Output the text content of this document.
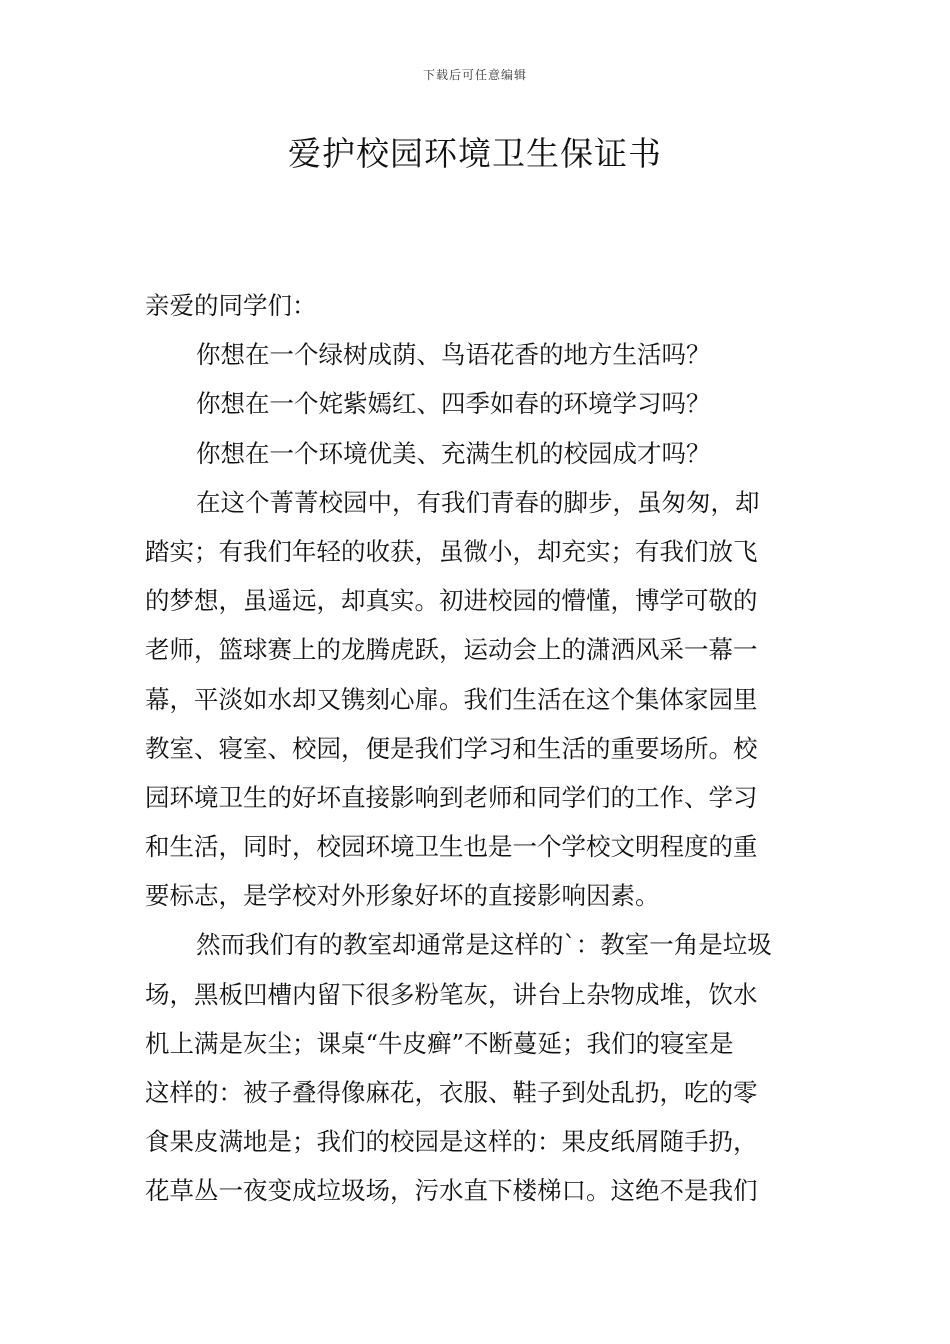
下载后可任意编辑
爱护校园环境卫生保证书
亲爱的同学们：
你想在一个绿树成荫、鸟语花香的地方生活吗？
你想在一个姹紫嫣红、四季如春的环境学习吗？
你想在一个环境优美、充满生机的校园成才吗？
在这个菁菁校园中，有我们青春的脚步，虽匆匆，却
踏实；有我们年轻的收获，虽微小，却充实；有我们放飞
的梦想，虽遥远，却真实。初进校园的懵懂，博学可敬的
老师，篮球赛上的龙腾虎跃，运动会上的潇洒风采一幕一
幕，平淡如水却又镌刻心扉。我们生活在这个集体家园里
教室、寝室、校园，便是我们学习和生活的重要场所。校
园环境卫生的好坏直接影响到老师和同学们的工作、学习
和生活，同时，校园环境卫生也是一个学校文明程度的重
要标志，是学校对外形象好坏的直接影响因素。
然而我们有的教室却通常是这样的`：教室一角是垃圾
场，黑板凹槽内留下很多粉笔灰，讲台上杂物成堆，饮水
机上满是灰尘；课桌“牛皮癣”不断蔓延；我们的寝室是
这样的：被子叠得像麻花，衣服、鞋子到处乱扔，吃的零
食果皮满地是；我们的校园是这样的：果皮纸屑随手扔，
花草丛一夜变成垃圾场，污水直下楼梯口。这绝不是我们
